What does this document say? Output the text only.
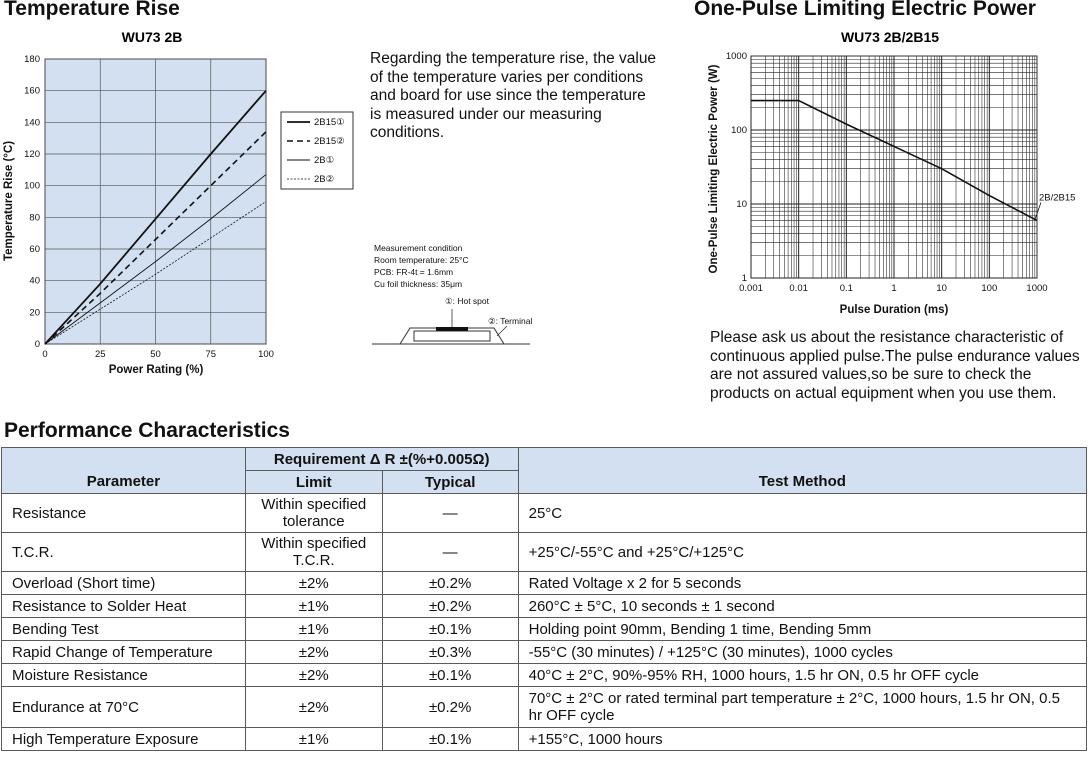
Temperature Rise	One-Pulse Limiting Electric Power
WU73 2B
0
20
40
60
80
100
120
140
160
180
0	25	50	75	100
Power Rating (%)
Temperature Rise (°C)
2B15①
2B15②
2B①
2B②
Regarding the temperature rise, the value of the temperature varies per conditions and board for use since the temperature is measured under our measuring conditions.
Measurement condition
Room temperature: 25°C
PCB: FR-4t = 1.6mm
Cu foil thickness: 35μm
①: Hot spot
②: Terminal
WU73 2B/2B15
2B/2B15
0.001	0.01	0.1	1	10	100	1000
1
10
100
1000
Pulse Duration (ms)
One-Pulse Limiting Electric Power (W)
Please ask us about the resistance characteristic of continuous applied pulse.The pulse endurance values are not assured values,so be sure to check the products on actual equipment when you use them.
Performance Characteristics
Parameter	Requirement Δ R ±(%+0.005Ω)		Test Method
	Limit	Typical	
Resistance	Within specified tolerance	—	25°C
T.C.R.	Within specified T.C.R.	—	+25°C/-55°C and +25°C/+125°C
Overload (Short time)	±2%	±0.2%	Rated Voltage x 2 for 5 seconds
Resistance to Solder Heat	±1%	±0.2%	260°C ± 5°C, 10 seconds ± 1 second
Bending Test	±1%	±0.1%	Holding point 90mm, Bending 1 time, Bending 5mm
Rapid Change of Temperature	±2%	±0.3%	-55°C (30 minutes) / +125°C (30 minutes), 1000 cycles
Moisture Resistance	±2%	±0.1%	40°C ± 2°C, 90%-95% RH, 1000 hours, 1.5 hr ON, 0.5 hr OFF cycle
Endurance at 70°C	±2%	±0.2%	70°C ± 2°C or rated terminal part temperature ± 2°C, 1000 hours, 1.5 hr ON, 0.5 hr OFF cycle
High Temperature Exposure	±1%	±0.1%	+155°C, 1000 hours
